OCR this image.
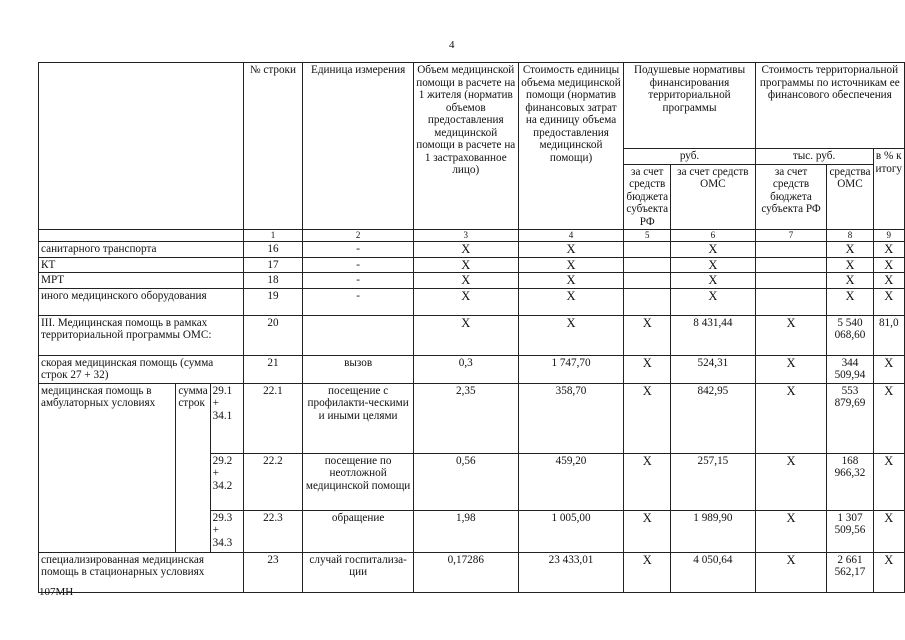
4
			№ строки	Единица измерения	Объем медицинской помощи в расчете на 1 жителя (норматив объемов предоставления медицинской помощи в расчете на 1 застрахованное лицо)	Стоимость единицы объема медицинской помощи (норматив финансовых затрат на единицу объема предоставления медицинской помощи)	Подушевые нормативы финансирования территориальной программы		Стоимость территориальной программы по источникам ее финансового обеспечения		
							руб.		тыс. руб.		в % к итогу
							за счет средств бюджета субъекта РФ	за счет средств ОМС	за счет средств бюджета субъекта РФ	средства ОМС	
			1	2	3	4	5	6	7	8	9
санитарного транспорта			16	-	X	X		X		X	X
КТ			17	-	X	X		X		X	X
МРТ			18	-	X	X		X		X	X
иного медицинского оборудования			19	-	X	X		X		X	X
III. Медицинская помощь в рамках территориальной программы ОМС:			20		X	X	X	8 431,44	X	5 540 068,60	81,0
скорая медицинская помощь (сумма строк 27 + 32)			21	вызов	0,3	1 747,70	X	524,31	X	344 509,94	X
медицинская помощь в амбулаторных условиях	сумма строк	29.1 + 34.1	22.1	посещение с профилакти-ческими и иными целями	2,35	358,70	X	842,95	X	553 879,69	X
		29.2 + 34.2	22.2	посещение по неотложной медицинской помощи	0,56	459,20	X	257,15	X	168 966,32	X
		29.3 + 34.3	22.3	обращение	1,98	1 005,00	X	1 989,90	X	1 307 509,56	X
специализированная медицинская помощь в стационарных условиях			23	случай госпитализа-ции	0,17286	23 433,01	X	4 050,64	X	2 661 562,17	X
107MH
